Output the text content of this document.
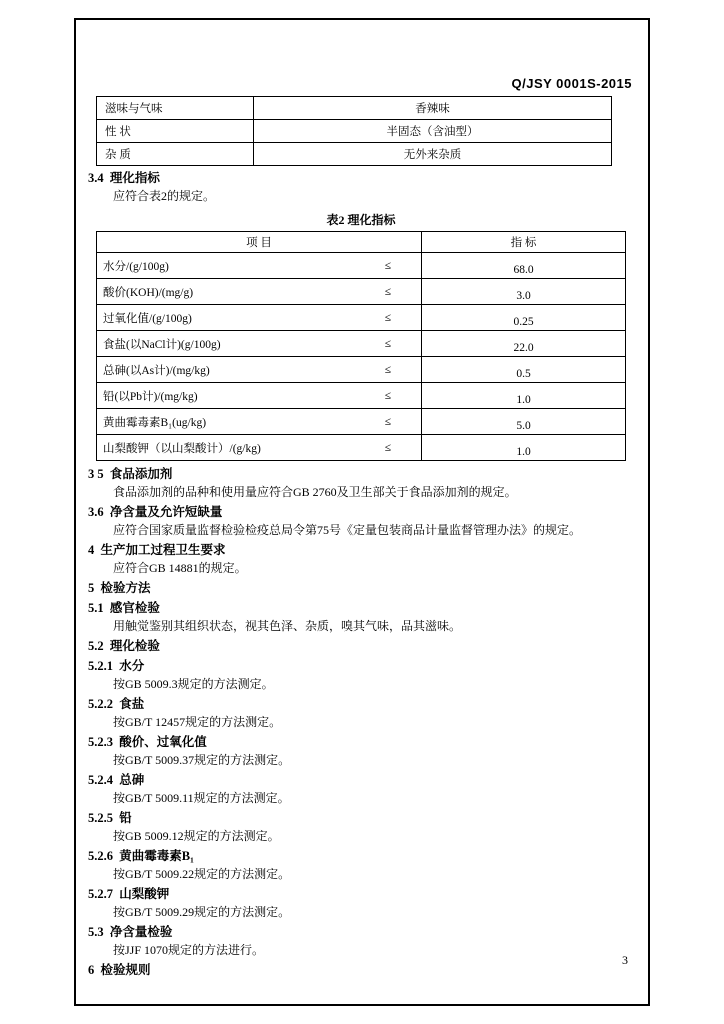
Q/JSY 0001S-2015
滋味与气味	香辣味
性 状	半固态（含油型）
杂 质	无外来杂质
3.4  理化指标
应符合表2的规定。
表2 理化指标
项 目	指 标

水分/(g/100g) ≤	68.0

酸价(KOH)/(mg/g) ≤	3.0

过氧化值/(g/100g) ≤	0.25

食盐(以NaCl计)(g/100g) ≤	22.0

总砷(以As计)/(mg/kg) ≤	0.5

铅(以Pb计)/(mg/kg) ≤	1.0

黄曲霉毒素B₁(ug/kg) ≤	5.0

山梨酸钾（以山梨酸计）/(g/kg) ≤	1.0
3 5  食品添加剂
食品添加剂的品种和使用量应符合GB 2760及卫生部关于食品添加剂的规定。
3.6  净含量及允许短缺量
应符合国家质量监督检验检疫总局令第75号《定量包装商品计量监督管理办法》的规定。
4  生产加工过程卫生要求
应符合GB 14881的规定。
5  检验方法
5.1  感官检验
用触觉鉴别其组织状态，视其色泽、杂质，嗅其气味，品其滋味。
5.2  理化检验
5.2.1  水分
按GB 5009.3规定的方法测定。
5.2.2  食盐
按GB/T 12457规定的方法测定。
5.2.3  酸价、过氧化值
按GB/T 5009.37规定的方法测定。
5.2.4  总砷
按GB/T 5009.11规定的方法测定。
5.2.5  铅
按GB 5009.12规定的方法测定。
5.2.6  黄曲霉毒素B₁
按GB/T 5009.22规定的方法测定。
5.2.7  山梨酸钾
按GB/T 5009.29规定的方法测定。
5.3  净含量检验
按JJF 1070规定的方法进行。
6  检验规则
3
